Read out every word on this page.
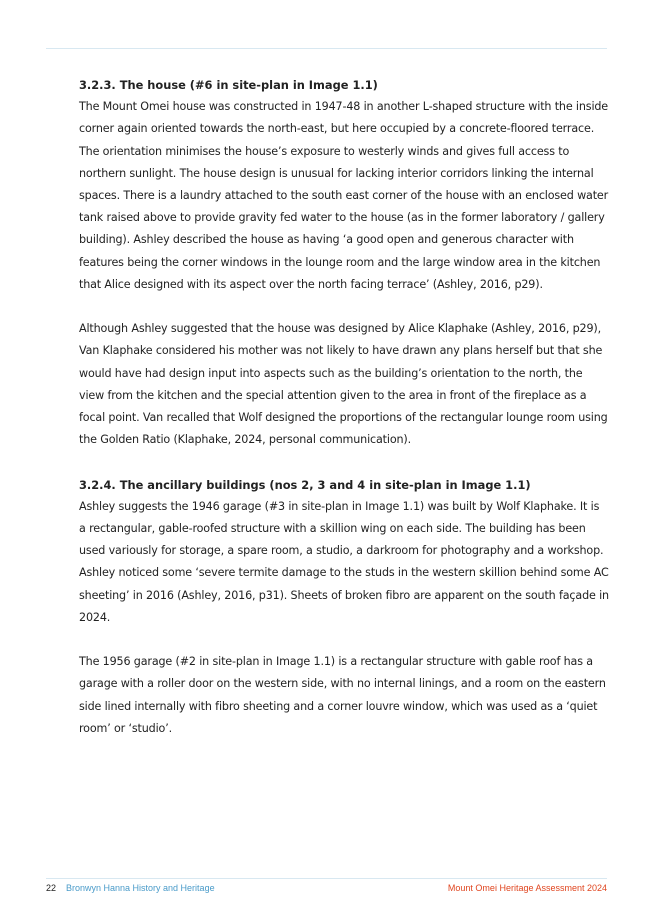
3.2.3. The house (#6 in site-plan in Image 1.1)

The Mount Omei house was constructed in 1947-48 in another L-shaped structure with the inside corner again oriented towards the north-east, but here occupied by a concrete-floored terrace. The orientation minimises the house’s exposure to westerly winds and gives full access to northern sunlight. The house design is unusual for lacking interior corridors linking the internal spaces. There is a laundry attached to the south east corner of the house with an enclosed water tank raised above to provide gravity fed water to the house (as in the former laboratory / gallery building). Ashley described the house as having ‘a good open and generous character with features being the corner windows in the lounge room and the large window area in the kitchen that Alice designed with its aspect over the north facing terrace’ (Ashley, 2016, p29).

Although Ashley suggested that the house was designed by Alice Klaphake (Ashley, 2016, p29), Van Klaphake considered his mother was not likely to have drawn any plans herself but that she would have had design input into aspects such as the building’s orientation to the north, the view from the kitchen and the special attention given to the area in front of the fireplace as a focal point. Van recalled that Wolf designed the proportions of the rectangular lounge room using the Golden Ratio (Klaphake, 2024, personal communication).

3.2.4. The ancillary buildings (nos 2, 3 and 4 in site-plan in Image 1.1)

Ashley suggests the 1946 garage (#3 in site-plan in Image 1.1) was built by Wolf Klaphake. It is a rectangular, gable-roofed structure with a skillion wing on each side. The building has been used variously for storage, a spare room, a studio, a darkroom for photography and a workshop. Ashley noticed some ‘severe termite damage to the studs in the western skillion behind some AC sheeting’ in 2016 (Ashley, 2016, p31). Sheets of broken fibro are apparent on the south façade in 2024.

The 1956 garage (#2 in site-plan in Image 1.1) is a rectangular structure with gable roof has a garage with a roller door on the western side, with no internal linings, and a room on the eastern side lined internally with fibro sheeting and a corner louvre window, which was used as a ‘quiet room’ or ‘studio’.

22 Bronwyn Hanna History and Heritage	Mount Omei Heritage Assessment 2024
